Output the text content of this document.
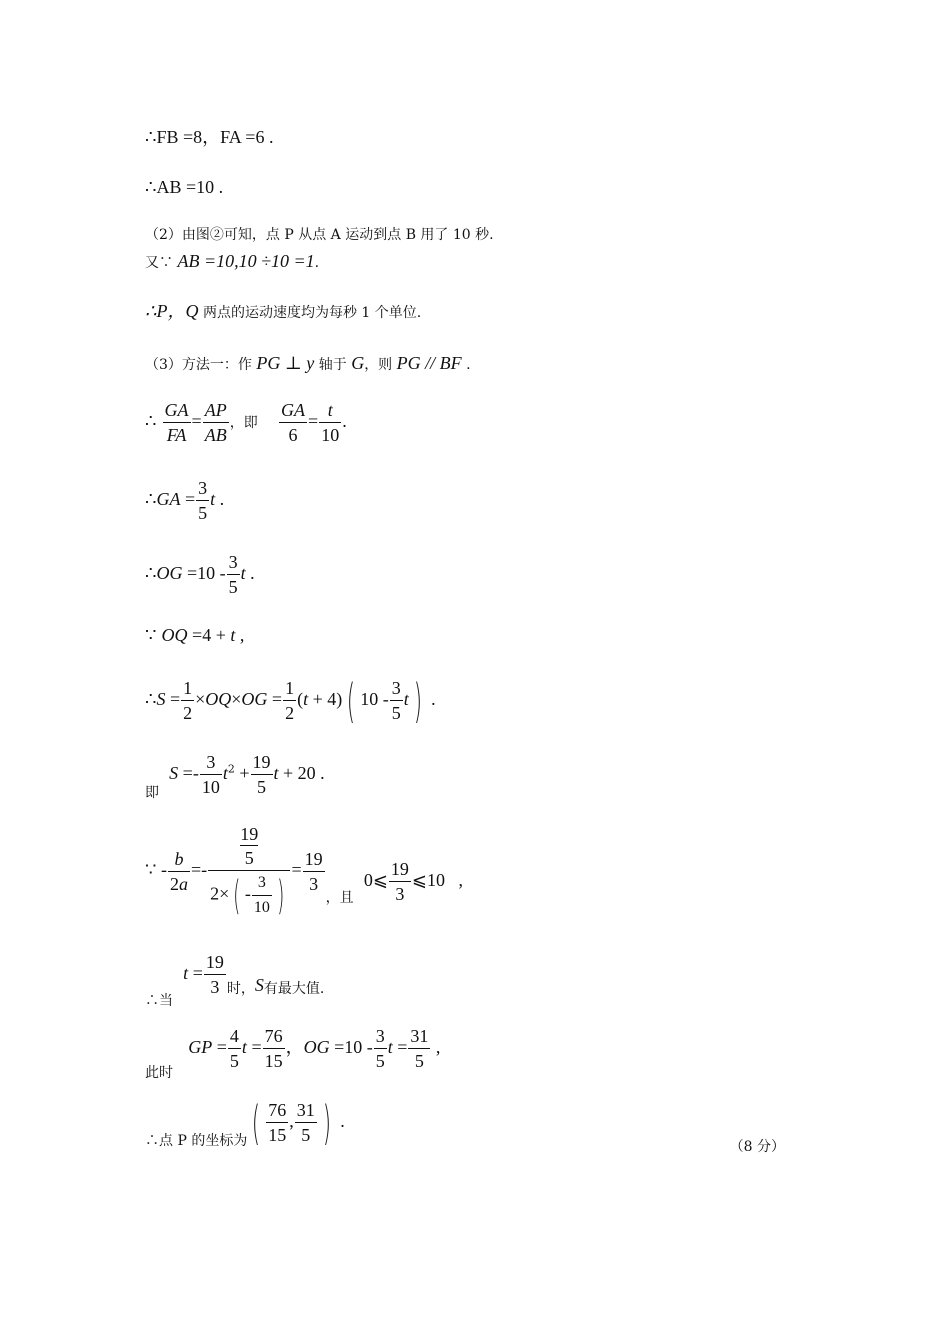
∴FB =8，FA =6 .
∴AB =10 .
（2）由图②可知，点 P 从点 A 运动到点 B 用了 10 秒.
又∵ AB =10,10 ÷10 =1.
∴P，Q 两点的运动速度均为每秒 1 个单位.
（3）方法一：作 PG ⊥ y 轴于 G，则 PG // BF .
∴ $\frac{GA}{FA} = \frac{AP}{AB}$ ，即 $\frac{GA}{6} = \frac{t}{10}$ .
∴GA = $\frac{3}{5}$ t .
∴OG $=10 - \frac{3}{5}$ t .
∵ OQ =4 + t ,
∴S = $\frac{1}{2} \times OQ\times OG = \frac{1}{2} (t + 4)$ ( $10 - \frac{3}{5}$ t ) .
即  $S =- \frac{3}{10} t^2 + \frac{19}{5}$ t + 20 .
∵ - $\frac{b}{2a}$ =-
19
5
2× ( - $\frac{3}{10}$ )
= $\frac{19}{3}$
，且  0⩽ $\frac{19}{3}$ ⩽10   ,
∴当  $t = \frac{19}{3}$ 时，S有最大值.
此时   GP = $\frac{4}{5}$ $t = \frac{76}{15}$ ，OG $=10 - \frac{3}{5}$ $t = \frac{31}{5}$ ,
∴点 P 的坐标为 ( $\frac{76}{15}$ , $\frac{31}{5}$ ) .
（8 分）
